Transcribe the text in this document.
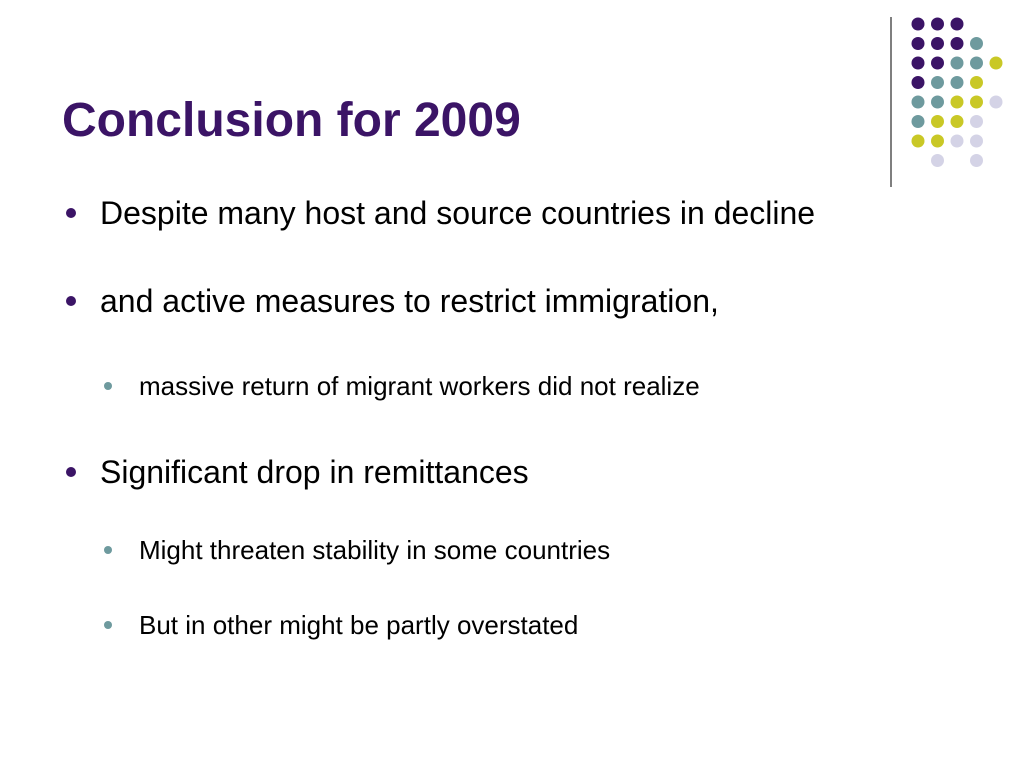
Conclusion for 2009
Despite many host and source countries in decline
and active measures to restrict immigration,
massive return of migrant workers did not realize
Significant drop in remittances
Might threaten stability in some countries
But in other might be partly overstated
